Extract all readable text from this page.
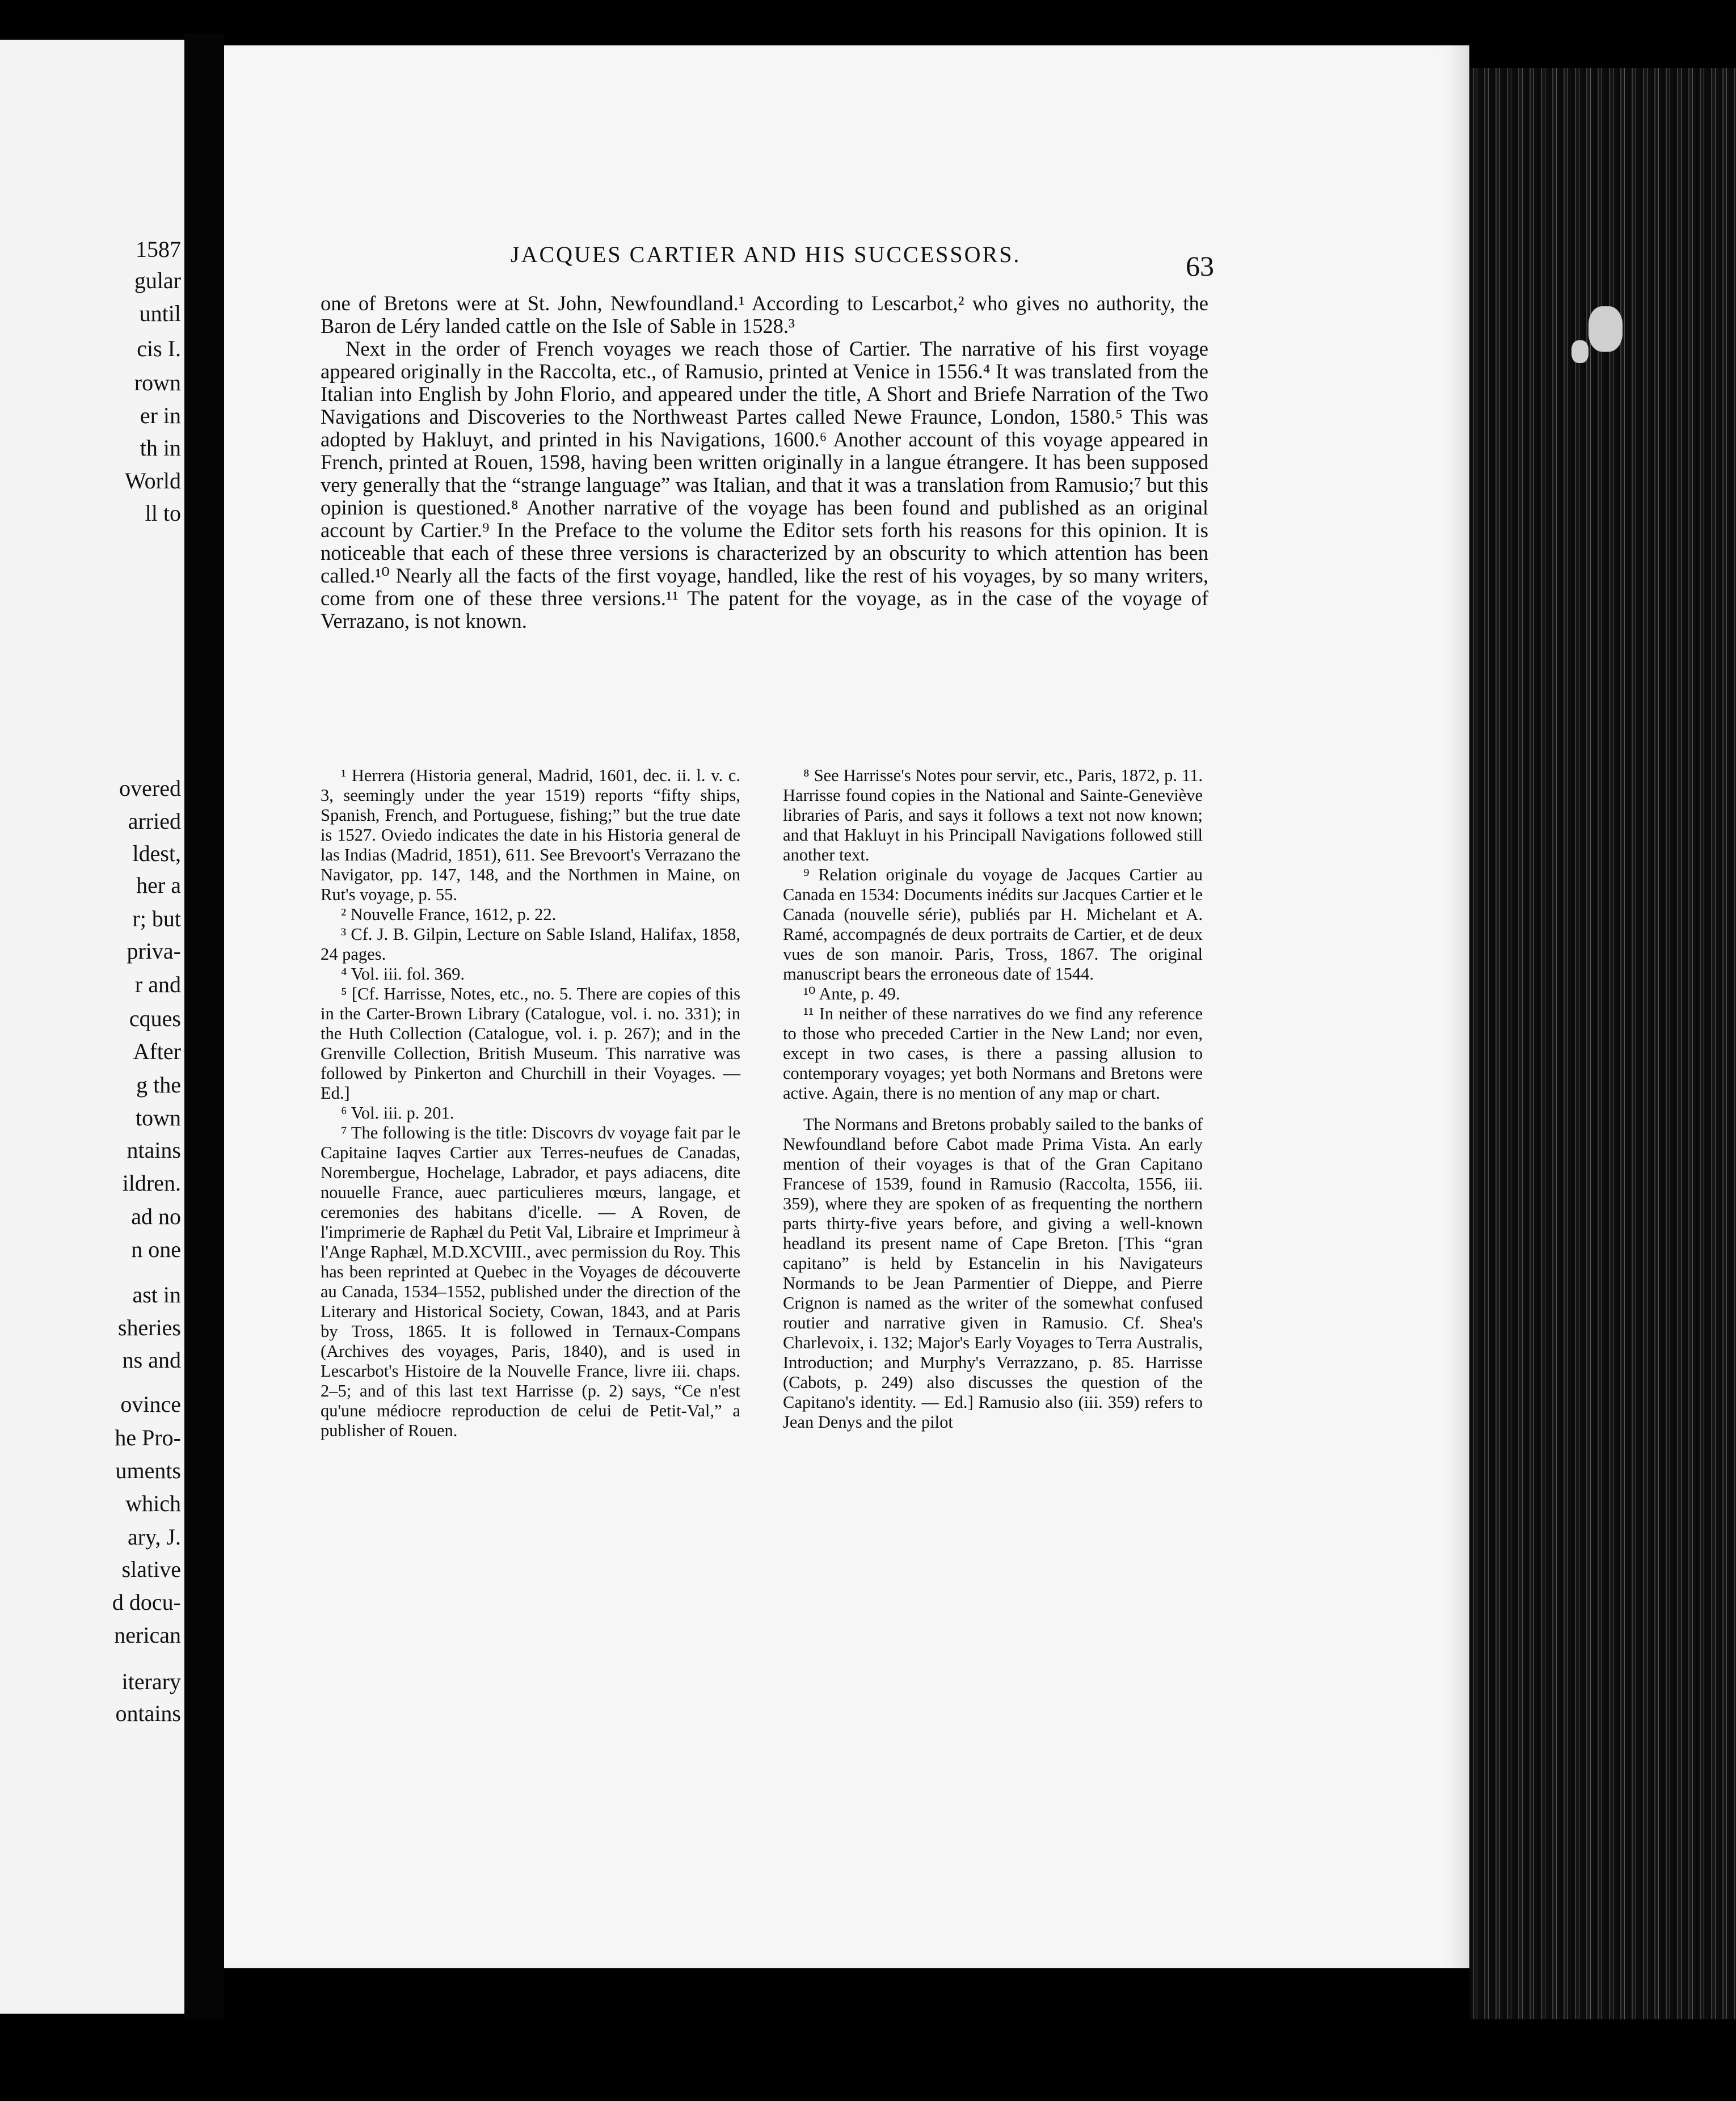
1587
gular
until
cis I.
rown
er in
th in
World
ll to
overed
arried
ldest,
her a
r; but
priva-
r and
cques
After
g the
town
ntains
ildren.
ad no
n one
ast in
sheries
ns and
ovince
he Pro-
uments
which
ary, J.
slative
d docu-
nerican
iterary
ontains
JACQUES CARTIER AND HIS SUCCESSORS.	63

one of Bretons were at St. John, Newfoundland.¹ According to Lescarbot,² who gives no authority, the Baron de Léry landed cattle on the Isle of Sable in 1528.³

Next in the order of French voyages we reach those of Cartier. The narrative of his first voyage appeared originally in the Raccolta, etc., of Ramusio, printed at Venice in 1556.⁴ It was translated from the Italian into English by John Florio, and appeared under the title, A Short and Briefe Narration of the Two Navigations and Discoveries to the Northweast Partes called Newe Fraunce, London, 1580.⁵ This was adopted by Hakluyt, and printed in his Navigations, 1600.⁶ Another account of this voyage appeared in French, printed at Rouen, 1598, having been written originally in a langue étrangere. It has been supposed very generally that the “strange language” was Italian, and that it was a translation from Ramusio;⁷ but this opinion is questioned.⁸ Another narrative of the voyage has been found and published as an original account by Cartier.⁹ In the Preface to the volume the Editor sets forth his reasons for this opinion. It is noticeable that each of these three versions is characterized by an obscurity to which attention has been called.¹⁰ Nearly all the facts of the first voyage, handled, like the rest of his voyages, by so many writers, come from one of these three versions.¹¹ The patent for the voyage, as in the case of the voyage of Verrazano, is not known.

¹ Herrera (Historia general, Madrid, 1601, dec. ii. l. v. c. 3, seemingly under the year 1519) reports “fifty ships, Spanish, French, and Portuguese, fishing;” but the true date is 1527. Oviedo indicates the date in his Historia general de las Indias (Madrid, 1851), 611. See Brevoort's Verrazano the Navigator, pp. 147, 148, and the Northmen in Maine, on Rut's voyage, p. 55.

² Nouvelle France, 1612, p. 22.

³ Cf. J. B. Gilpin, Lecture on Sable Island, Halifax, 1858, 24 pages.

⁴ Vol. iii. fol. 369.

⁵ [Cf. Harrisse, Notes, etc., no. 5. There are copies of this in the Carter-Brown Library (Catalogue, vol. i. no. 331); in the Huth Collection (Catalogue, vol. i. p. 267); and in the Grenville Collection, British Museum. This narrative was followed by Pinkerton and Churchill in their Voyages. — Ed.]

⁶ Vol. iii. p. 201.

⁷ The following is the title: Discovrs dv voyage fait par le Capitaine Iaqves Cartier aux Terres-neufues de Canadas, Norembergue, Hochelage, Labrador, et pays adiacens, dite nouuelle France, auec particulieres mœurs, langage, et ceremonies des habitans d'icelle. — A Roven, de l'imprimerie de Raphæl du Petit Val, Libraire et Imprimeur à l'Ange Raphæl, M.D.XCVIII., avec permission du Roy. This has been reprinted at Quebec in the Voyages de découverte au Canada, 1534–1552, published under the direction of the Literary and Historical Society, Cowan, 1843, and at Paris by Tross, 1865. It is followed in Ternaux-Compans (Archives des voyages, Paris, 1840), and is used in Lescarbot's Histoire de la Nouvelle France, livre iii. chaps. 2–5; and of this last text Harrisse (p. 2) says, “Ce n'est qu'une médiocre reproduction de celui de Petit-Val,” a publisher of Rouen.

⁸ See Harrisse's Notes pour servir, etc., Paris, 1872, p. 11. Harrisse found copies in the National and Sainte-Geneviève libraries of Paris, and says it follows a text not now known; and that Hakluyt in his Principall Navigations followed still another text.

⁹ Relation originale du voyage de Jacques Cartier au Canada en 1534: Documents inédits sur Jacques Cartier et le Canada (nouvelle série), publiés par H. Michelant et A. Ramé, accompagnés de deux portraits de Cartier, et de deux vues de son manoir. Paris, Tross, 1867. The original manuscript bears the erroneous date of 1544.

¹⁰ Ante, p. 49.

¹¹ In neither of these narratives do we find any reference to those who preceded Cartier in the New Land; nor even, except in two cases, is there a passing allusion to contemporary voyages; yet both Normans and Bretons were active. Again, there is no mention of any map or chart.

The Normans and Bretons probably sailed to the banks of Newfoundland before Cabot made Prima Vista. An early mention of their voyages is that of the Gran Capitano Francese of 1539, found in Ramusio (Raccolta, 1556, iii. 359), where they are spoken of as frequenting the northern parts thirty-five years before, and giving a well-known headland its present name of Cape Breton. [This “gran capitano” is held by Estancelin in his Navigateurs Normands to be Jean Parmentier of Dieppe, and Pierre Crignon is named as the writer of the somewhat confused routier and narrative given in Ramusio. Cf. Shea's Charlevoix, i. 132; Major's Early Voyages to Terra Australis, Introduction; and Murphy's Verrazzano, p. 85. Harrisse (Cabots, p. 249) also discusses the question of the Capitano's identity. — Ed.] Ramusio also (iii. 359) refers to Jean Denys and the pilot
